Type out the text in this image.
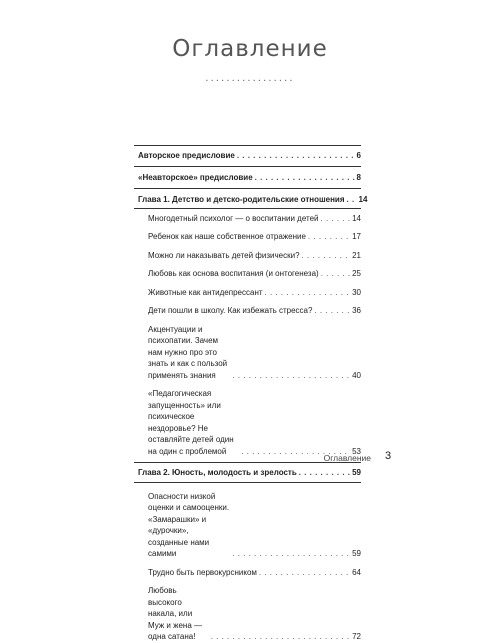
Оглавление
.................
Авторское предисловие . . .	6
«Неавторское» предисловие . . .	8
Глава 1. Детство и детско-родительские отношения . . . 14
Многодетный психолог — о воспитании детей . . .	14
Ребенок как наше собственное отражение . . .	17
Можно ли наказывать детей физически? . . .	21
Любовь как основа воспитания (и онтогенеза) . . .	25
Животные как антидепрессант . . .	30
Дети пошли в школу. Как избежать стресса? . . .	36
Акцентуации и психопатии. Зачем нам нужно про это знать и как с пользой применять знания . . .	40
«Педагогическая запущенность» или психическое нездоровье? Не оставляйте детей один на один с проблемой . . .	53
Глава 2. Юность, молодость и зрелость . . .	59
Опасности низкой оценки и самооценки. «Замарашки» и «дурочки», созданные нами самими . . .	59
Трудно быть первокурсником . . .	64
Любовь высокого накала, или Муж и жена — одна сатана! . . .	72
Оглавление 3
